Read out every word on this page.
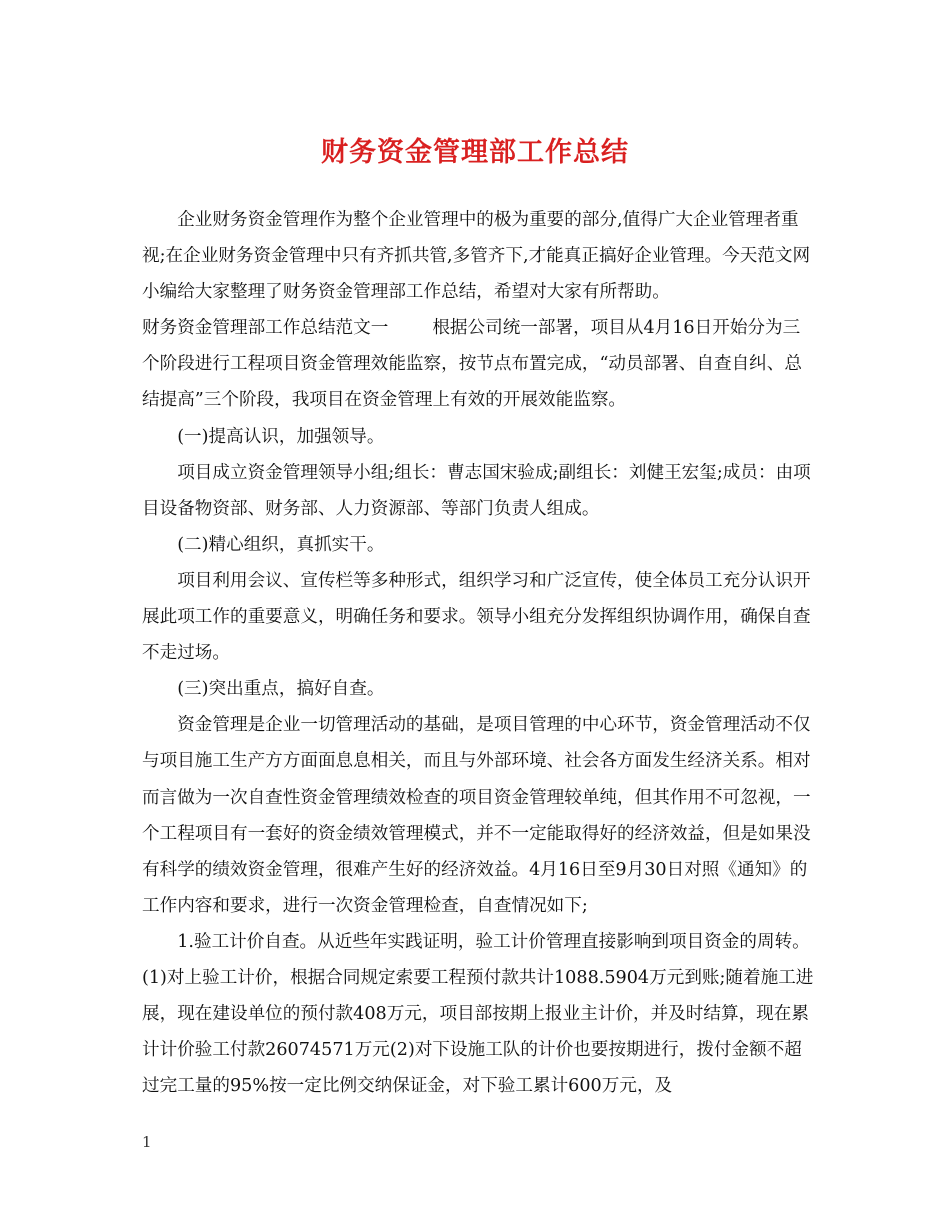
财务资金管理部工作总结

企业财务资金管理作为整个企业管理中的极为重要的部分,值得广大企业管理者重视;在企业财务资金管理中只有齐抓共管,多管齐下,才能真正搞好企业管理。今天范文网小编给大家整理了财务资金管理部工作总结，希望对大家有所帮助。

财务资金管理部工作总结范文一	根据公司统一部署，项目从4月16日开始分为三个阶段进行工程项目资金管理效能监察，按节点布置完成，“动员部署、自查自纠、总结提高”三个阶段，我项目在资金管理上有效的开展效能监察。

(一)提高认识，加强领导。

项目成立资金管理领导小组;组长：曹志国宋验成;副组长：刘健王宏玺;成员：由项目设备物资部、财务部、人力资源部、等部门负责人组成。

(二)精心组织，真抓实干。

项目利用会议、宣传栏等多种形式，组织学习和广泛宣传，使全体员工充分认识开展此项工作的重要意义，明确任务和要求。领导小组充分发挥组织协调作用，确保自查不走过场。

(三)突出重点，搞好自查。

资金管理是企业一切管理活动的基础，是项目管理的中心环节，资金管理活动不仅与项目施工生产方方面面息息相关，而且与外部环境、社会各方面发生经济关系。相对而言做为一次自查性资金管理绩效检查的项目资金管理较单纯，但其作用不可忽视，一个工程项目有一套好的资金绩效管理模式，并不一定能取得好的经济效益，但是如果没有科学的绩效资金管理，很难产生好的经济效益。4月16日至9月30日对照《通知》的工作内容和要求，进行一次资金管理检查，自查情况如下;

1.验工计价自查。从近些年实践证明，验工计价管理直接影响到项目资金的周转。(1)对上验工计价，根据合同规定索要工程预付款共计1088.5904万元到账;随着施工进展，现在建设单位的预付款408万元，项目部按期上报业主计价，并及时结算，现在累计计价验工付款26074571万元(2)对下设施工队的计价也要按期进行，拨付金额不超过完工量的95%按一定比例交纳保证金，对下验工累计600万元，及

1
